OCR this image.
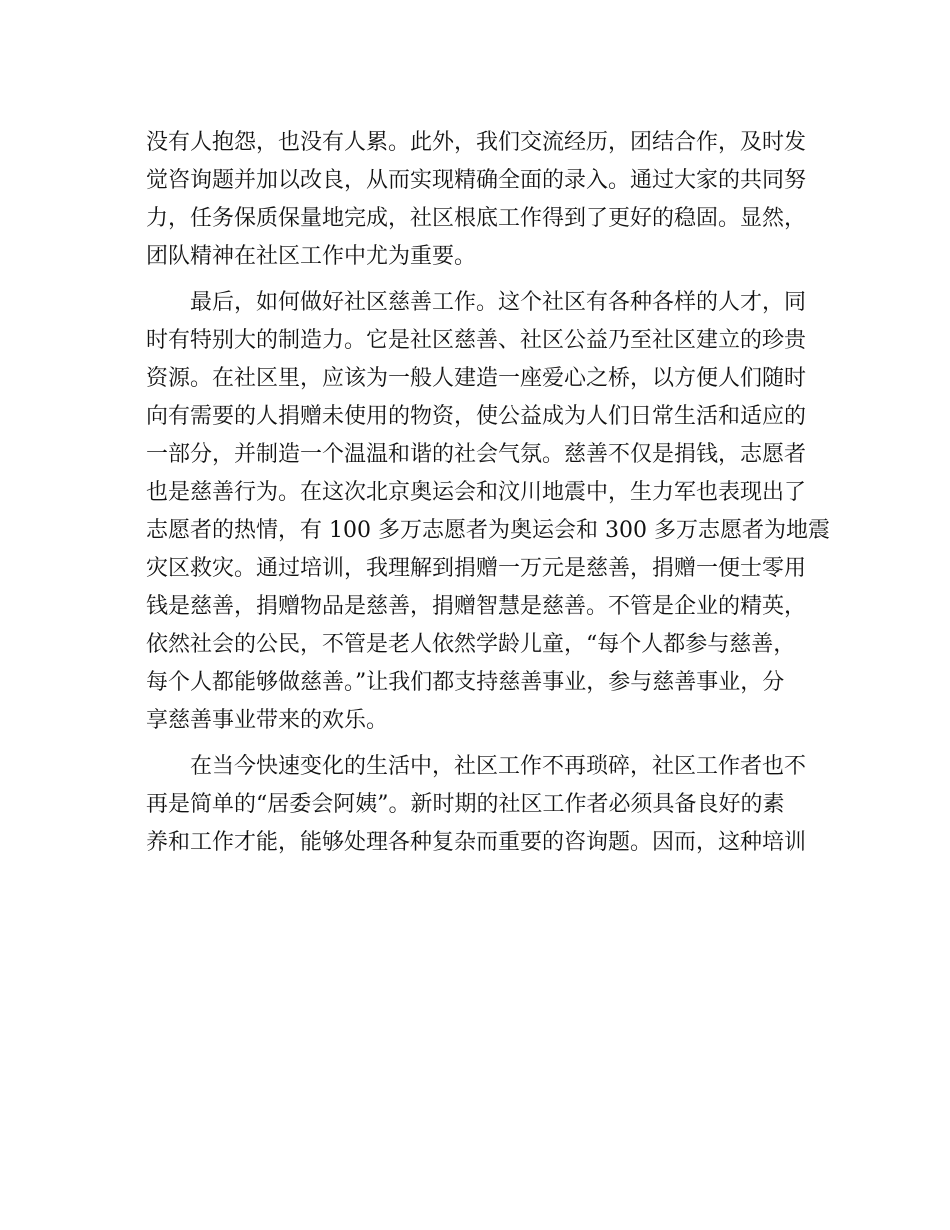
没有人抱怨，也没有人累。此外，我们交流经历，团结合作，及时发
觉咨询题并加以改良，从而实现精确全面的录入。通过大家的共同努
力，任务保质保量地完成，社区根底工作得到了更好的稳固。显然，
团队精神在社区工作中尤为重要。
最后，如何做好社区慈善工作。这个社区有各种各样的人才，同
时有特别大的制造力。它是社区慈善、社区公益乃至社区建立的珍贵
资源。在社区里，应该为一般人建造一座爱心之桥，以方便人们随时
向有需要的人捐赠未使用的物资，使公益成为人们日常生活和适应的
一部分，并制造一个温温和谐的社会气氛。慈善不仅是捐钱，志愿者
也是慈善行为。在这次北京奥运会和汶川地震中，生力军也表现出了
志愿者的热情，有 100 多万志愿者为奥运会和 300 多万志愿者为地震
灾区救灾。通过培训，我理解到捐赠一万元是慈善，捐赠一便士零用
钱是慈善，捐赠物品是慈善，捐赠智慧是慈善。不管是企业的精英，
依然社会的公民，不管是老人依然学龄儿童，“每个人都参与慈善，
每个人都能够做慈善。”让我们都支持慈善事业，参与慈善事业，分
享慈善事业带来的欢乐。
在当今快速变化的生活中，社区工作不再琐碎，社区工作者也不
再是简单的“居委会阿姨”。新时期的社区工作者必须具备良好的素
养和工作才能，能够处理各种复杂而重要的咨询题。因而，这种培训
